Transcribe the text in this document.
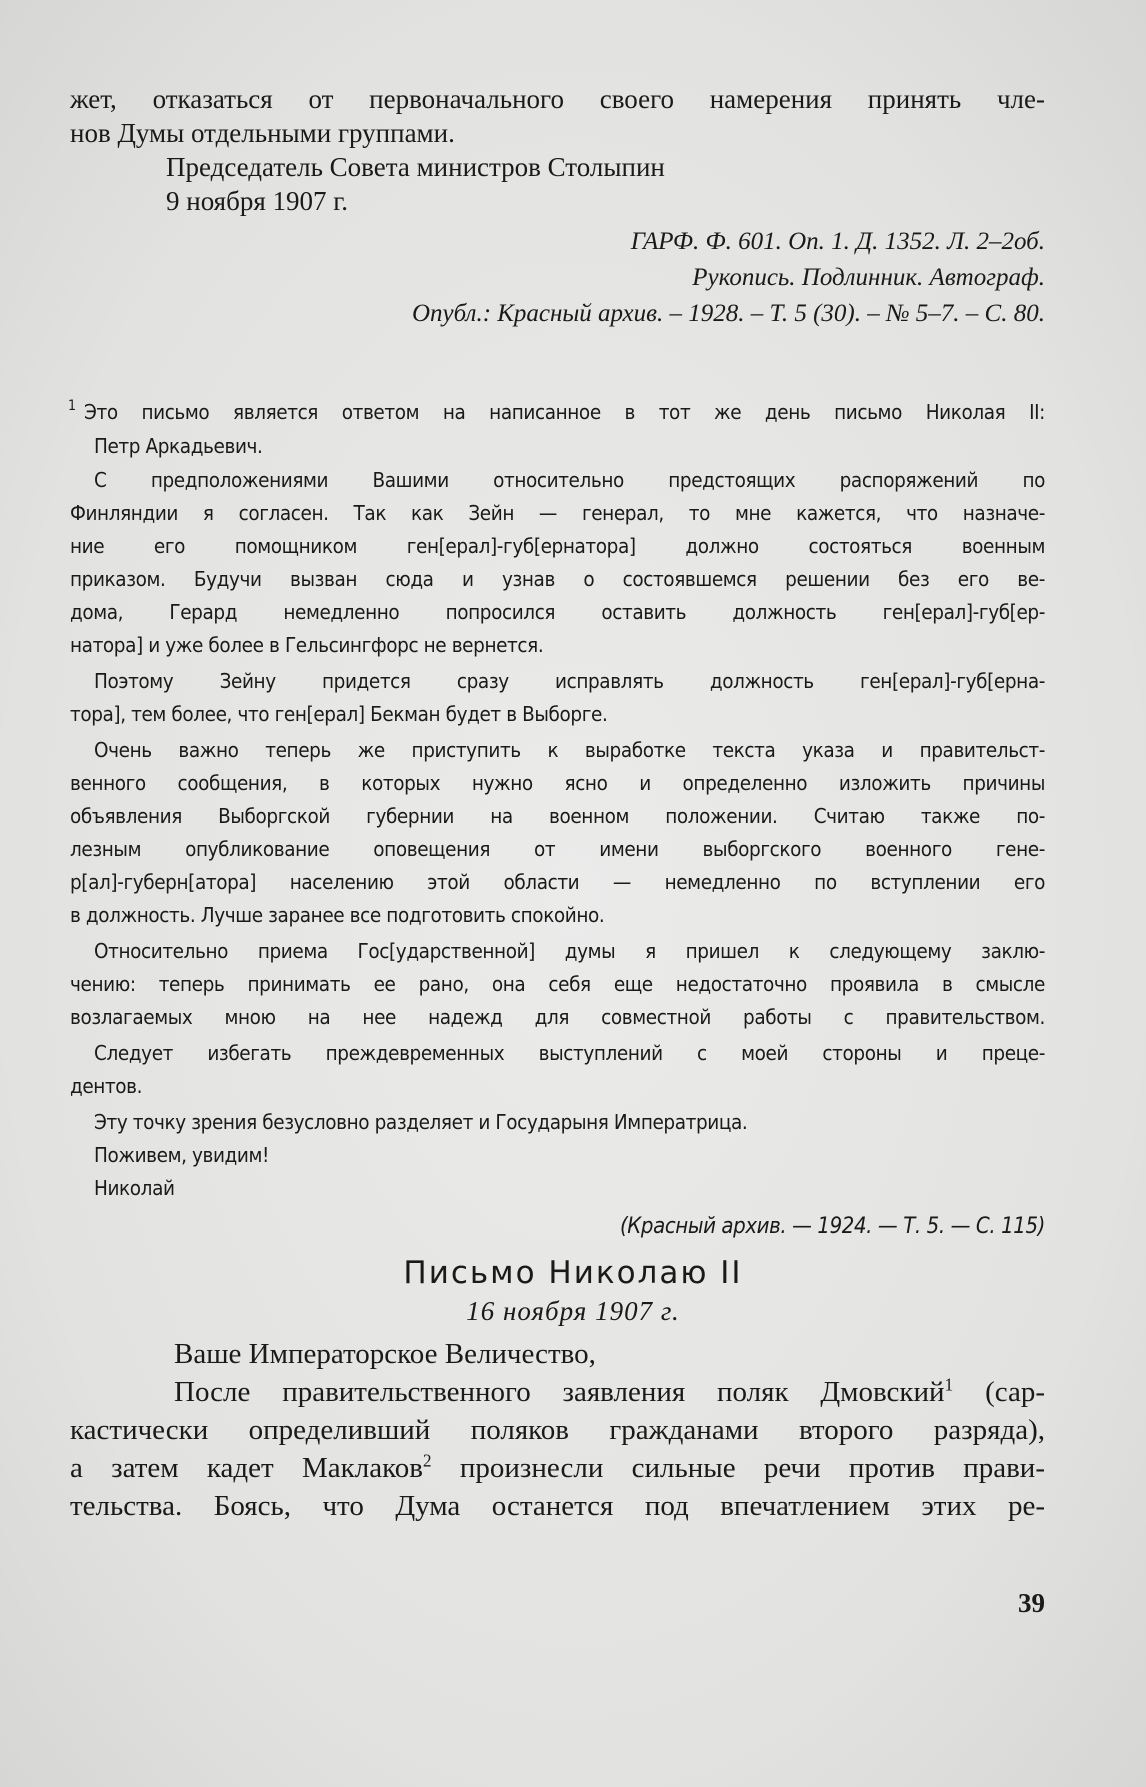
жет, отказаться от первоначального своего намерения принять чле-
нов Думы отдельными группами.
Председатель Совета министров Столыпин
9 ноября 1907 г.
ГАРФ. Ф. 601. Оп. 1. Д. 1352. Л. 2–2об.
Рукопись. Подлинник. Автограф.
Опубл.: Красный архив. – 1928. – Т. 5 (30). – № 5–7. – С. 80.
1 Это письмо является ответом на написанное в тот же день письмо Николая II:
Петр Аркадьевич.
С предположениями Вашими относительно предстоящих распоряжений по
Финляндии я согласен. Так как Зейн — генерал, то мне кажется, что назначе-
ние его помощником ген[ерал]-губ[ернатора] должно состояться военным
приказом. Будучи вызван сюда и узнав о состоявшемся решении без его ве-
дома, Герард немедленно попросился оставить должность ген[ерал]-губ[ер-
натора] и уже более в Гельсингфорс не вернется.
Поэтому Зейну придется сразу исправлять должность ген[ерал]-губ[ерна-
тора], тем более, что ген[ерал] Бекман будет в Выборге.
Очень важно теперь же приступить к выработке текста указа и правительст-
венного сообщения, в которых нужно ясно и определенно изложить причины
объявления Выборгской губернии на военном положении. Считаю также по-
лезным опубликование оповещения от имени выборгского военного гене-
р[ал]-губерн[атора] населению этой области — немедленно по вступлении его
в должность. Лучше заранее все подготовить спокойно.
Относительно приема Гос[ударственной] думы я пришел к следующему заклю-
чению: теперь принимать ее рано, она себя еще недостаточно проявила в смысле
возлагаемых мною на нее надежд для совместной работы с правительством.
Следует избегать преждевременных выступлений с моей стороны и преце-
дентов.
Эту точку зрения безусловно разделяет и Государыня Императрица.
Поживем, увидим!
Николай
(Красный архив. — 1924. — Т. 5. — С. 115)
Письмо Николаю II
16 ноября 1907 г.
Ваше Императорское Величество,
После правительственного заявления поляк Дмовский$^1$ (сар-
кастически определивший поляков гражданами второго разряда),
а затем кадет Маклаков$^2$ произнесли сильные речи против прави-
тельства. Боясь, что Дума останется под впечатлением этих ре-
39
